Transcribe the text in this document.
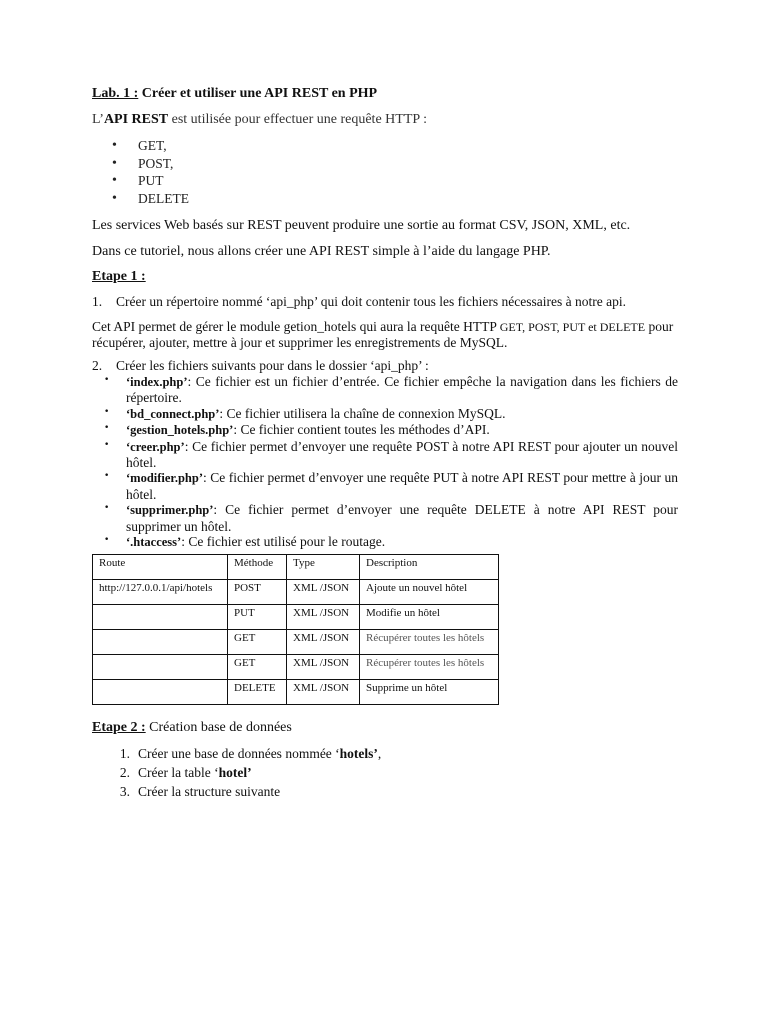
Lab. 1 : Créer et utiliser une API REST en PHP
L’API REST est utilisée pour effectuer une requête HTTP :
• GET,
• POST,
• PUT
• DELETE
Les services Web basés sur REST peuvent produire une sortie au format CSV, JSON, XML, etc.
Dans ce tutoriel, nous allons créer une API REST simple à l’aide du langage PHP.
Etape 1 :
1. Créer un répertoire nommé ‘api_php’ qui doit contenir tous les fichiers nécessaires à notre api.
Cet API permet de gérer le module getion_hotels qui aura la requête HTTP GET, POST, PUT et DELETE pour récupérer, ajouter, mettre à jour et supprimer les enregistrements de MySQL.
2. Créer les fichiers suivants pour dans le dossier ‘api_php’ :
· ‘index.php’: Ce fichier est un fichier d’entrée. Ce fichier empêche la navigation dans les fichiers de répertoire.
· ‘bd_connect.php’: Ce fichier utilisera la chaîne de connexion MySQL.
· ‘gestion_hotels.php’: Ce fichier contient toutes les méthodes d’API.
· ‘creer.php’: Ce fichier permet d’envoyer une requête POST à notre API REST pour ajouter un nouvel hôtel.
· ‘modifier.php’: Ce fichier permet d’envoyer une requête PUT à notre API REST pour mettre à jour un hôtel.
· ‘supprimer.php’: Ce fichier permet d’envoyer une requête DELETE à notre API REST pour supprimer un hôtel.
· ‘.htaccess’: Ce fichier est utilisé pour le routage.
Route	Méthode	Type	Description
http://127.0.0.1/api/hotels	POST	XML /JSON	Ajoute un nouvel hôtel
	PUT	XML /JSON	Modifie un hôtel
	GET	XML /JSON	Récupérer toutes les hôtels
	GET	XML /JSON	Récupérer toutes les hôtels
	DELETE	XML /JSON	Supprime un hôtel
Etape 2 : Création base de données
1. Créer une base de données nommée ‘hotels’,
2. Créer la table ‘hotel’
3. Créer la structure suivante
